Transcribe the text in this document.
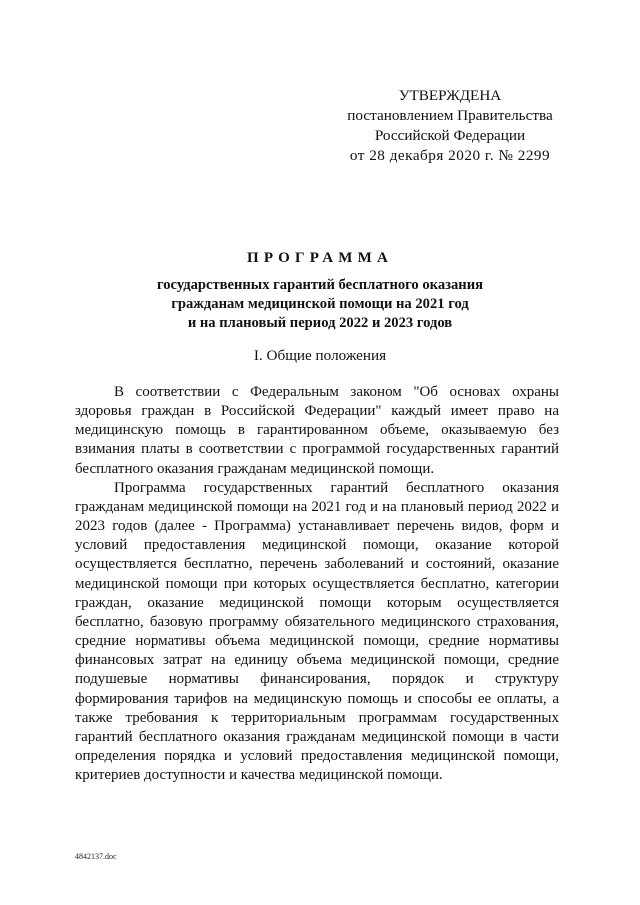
УТВЕРЖДЕНА
постановлением Правительства
Российской Федерации
от 28 декабря 2020 г. № 2299
ПРОГРАММА
государственных гарантий бесплатного оказания
гражданам медицинской помощи на 2021 год
и на плановый период 2022 и 2023 годов
I. Общие положения

В соответствии с Федеральным законом "Об основах охраны здоровья граждан в Российской Федерации" каждый имеет право на медицинскую помощь в гарантированном объеме, оказываемую без взимания платы в соответствии с программой государственных гарантий бесплатного оказания гражданам медицинской помощи.

Программа государственных гарантий бесплатного оказания гражданам медицинской помощи на 2021 год и на плановый период 2022 и 2023 годов (далее - Программа) устанавливает перечень видов, форм и условий предоставления медицинской помощи, оказание которой осуществляется бесплатно, перечень заболеваний и состояний, оказание медицинской помощи при которых осуществляется бесплатно, категории граждан, оказание медицинской помощи которым осуществляется бесплатно, базовую программу обязательного медицинского страхования, средние нормативы объема медицинской помощи, средние нормативы финансовых затрат на единицу объема медицинской помощи, средние подушевые нормативы финансирования, порядок и структуру формирования тарифов на медицинскую помощь и способы ее оплаты, а также требования к территориальным программам государственных гарантий бесплатного оказания гражданам медицинской помощи в части определения порядка и условий предоставления медицинской помощи, критериев доступности и качества медицинской помощи.

4842137.doc
